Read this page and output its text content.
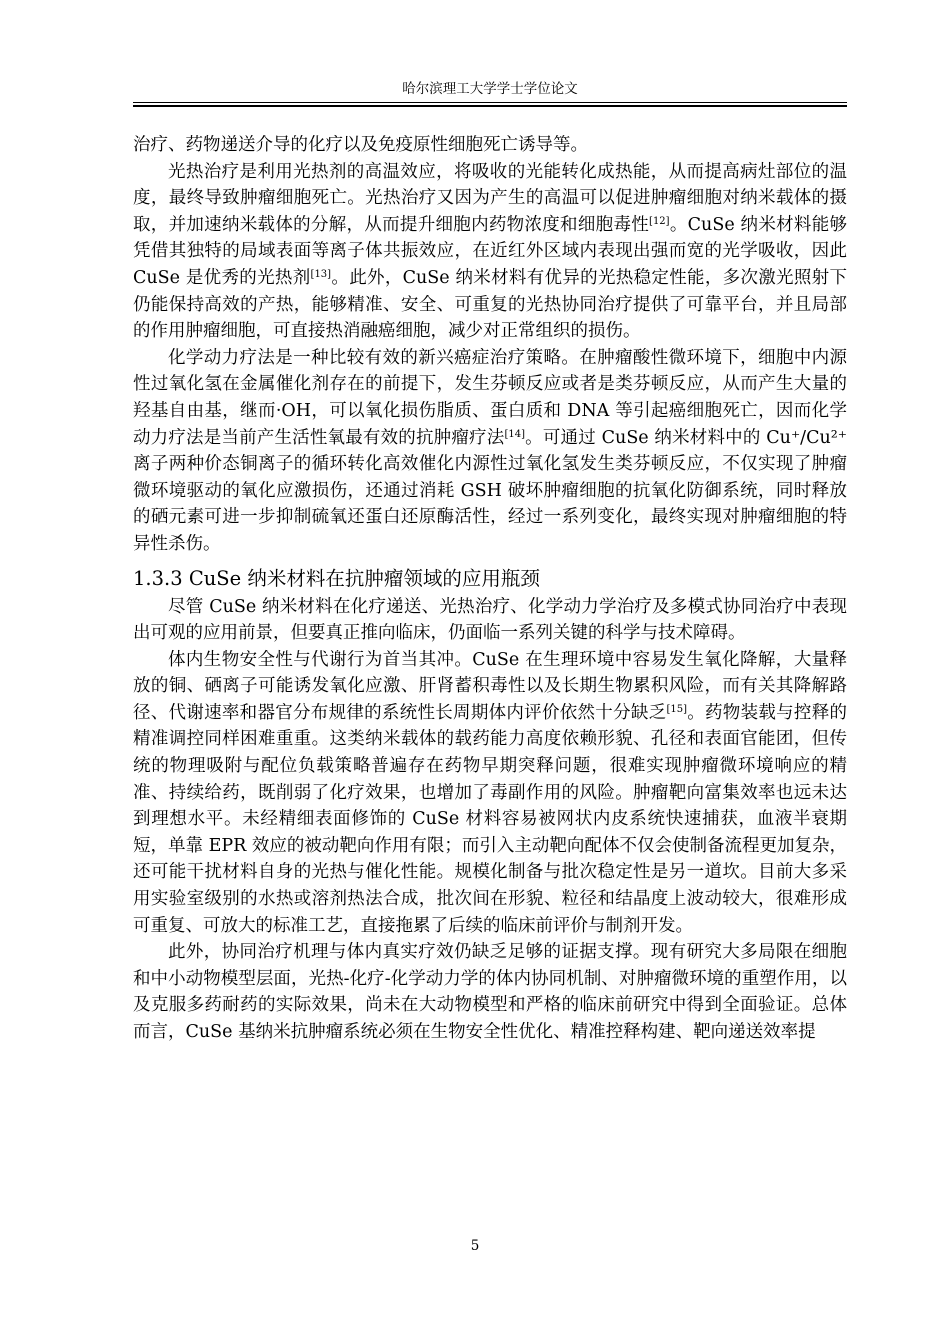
哈尔滨理工大学学士学位论文

治疗、药物递送介导的化疗以及免疫原性细胞死亡诱导等。

光热治疗是利用光热剂的高温效应，将吸收的光能转化成热能，从而提高病灶部位的温度，最终导致肿瘤细胞死亡。光热治疗又因为产生的高温可以促进肿瘤细胞对纳米载体的摄取，并加速纳米载体的分解，从而提升细胞内药物浓度和细胞毒性[12]。CuSe 纳米材料能够凭借其独特的局域表面等离子体共振效应，在近红外区域内表现出强而宽的光学吸收，因此 CuSe 是优秀的光热剂[13]。此外，CuSe 纳米材料有优异的光热稳定性能，多次激光照射下仍能保持高效的产热，能够精准、安全、可重复的光热协同治疗提供了可靠平台，并且局部的作用肿瘤细胞，可直接热消融癌细胞，减少对正常组织的损伤。

化学动力疗法是一种比较有效的新兴癌症治疗策略。在肿瘤酸性微环境下，细胞中内源性过氧化氢在金属催化剂存在的前提下，发生芬顿反应或者是类芬顿反应，从而产生大量的羟基自由基，继而·OH，可以氧化损伤脂质、蛋白质和 DNA 等引起癌细胞死亡，因而化学动力疗法是当前产生活性氧最有效的抗肿瘤疗法[14]。可通过 CuSe 纳米材料中的 Cu⁺/Cu²⁺离子两种价态铜离子的循环转化高效催化内源性过氧化氢发生类芬顿反应，不仅实现了肿瘤微环境驱动的氧化应激损伤，还通过消耗 GSH 破坏肿瘤细胞的抗氧化防御系统，同时释放的硒元素可进一步抑制硫氧还蛋白还原酶活性，经过一系列变化，最终实现对肿瘤细胞的特异性杀伤。

1.3.3 CuSe 纳米材料在抗肿瘤领域的应用瓶颈

尽管 CuSe 纳米材料在化疗递送、光热治疗、化学动力学治疗及多模式协同治疗中表现出可观的应用前景，但要真正推向临床，仍面临一系列关键的科学与技术障碍。

体内生物安全性与代谢行为首当其冲。CuSe 在生理环境中容易发生氧化降解，大量释放的铜、硒离子可能诱发氧化应激、肝肾蓄积毒性以及长期生物累积风险，而有关其降解路径、代谢速率和器官分布规律的系统性长周期体内评价依然十分缺乏[15]。药物装载与控释的精准调控同样困难重重。这类纳米载体的载药能力高度依赖形貌、孔径和表面官能团，但传统的物理吸附与配位负载策略普遍存在药物早期突释问题，很难实现肿瘤微环境响应的精准、持续给药，既削弱了化疗效果，也增加了毒副作用的风险。肿瘤靶向富集效率也远未达到理想水平。未经精细表面修饰的 CuSe 材料容易被网状内皮系统快速捕获，血液半衰期短，单靠 EPR 效应的被动靶向作用有限；而引入主动靶向配体不仅会使制备流程更加复杂，还可能干扰材料自身的光热与催化性能。规模化制备与批次稳定性是另一道坎。目前大多采用实验室级别的水热或溶剂热法合成，批次间在形貌、粒径和结晶度上波动较大，很难形成可重复、可放大的标准工艺，直接拖累了后续的临床前评价与制剂开发。

此外，协同治疗机理与体内真实疗效仍缺乏足够的证据支撑。现有研究大多局限在细胞和中小动物模型层面，光热-化疗-化学动力学的体内协同机制、对肿瘤微环境的重塑作用，以及克服多药耐药的实际效果，尚未在大动物模型和严格的临床前研究中得到全面验证。总体而言，CuSe 基纳米抗肿瘤系统必须在生物安全性优化、精准控释构建、靶向递送效率提

5
